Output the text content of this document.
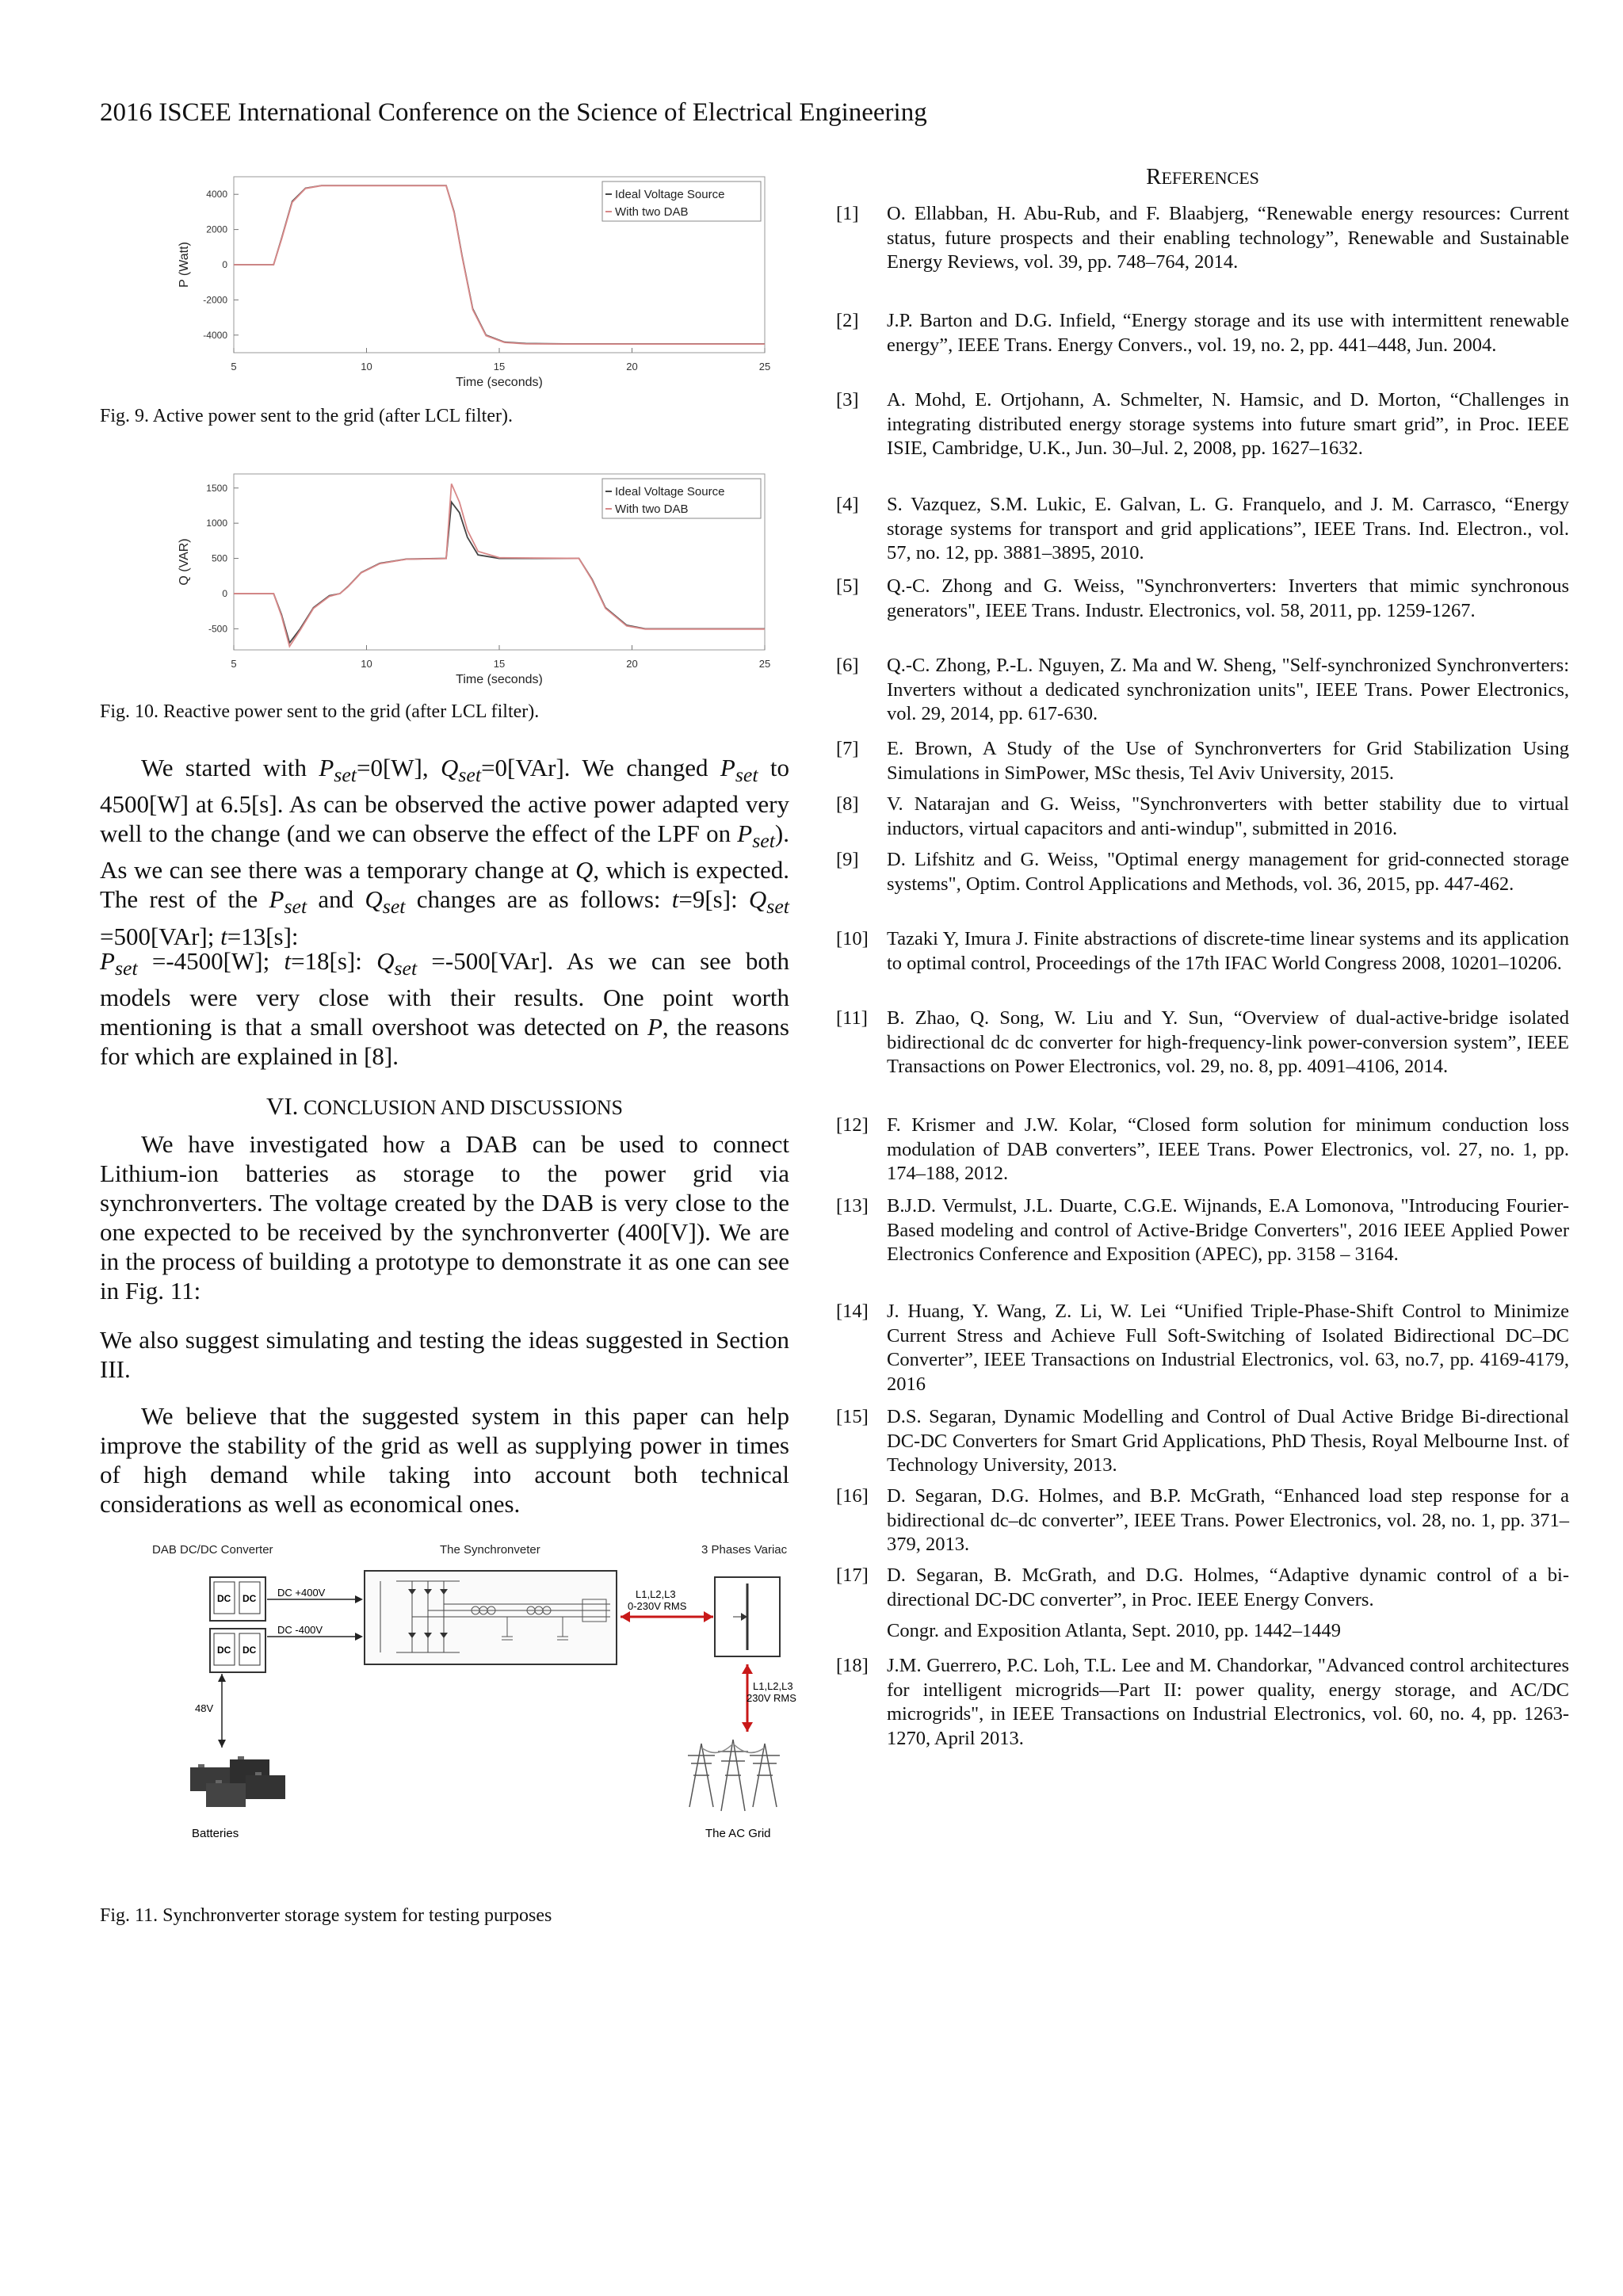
2016 ISCEE International Conference on the Science of Electrical Engineering
5	10	15	20	25
4000
2000
0
-2000
-4000
Time (seconds)
P (Watt)
Ideal Voltage Source
With two DAB
Fig. 9. Active power sent to the grid (after LCL filter).
5	10	15	20	25
1500
1000
500
0
-500
Time (seconds)
Q (VAR)
Ideal Voltage Source
With two DAB
Fig. 10. Reactive power sent to the grid (after LCL filter).
We started with $P_{set}=0[W]$, $Q_{set}=0[VAr]$. We changed $P_{set}$ to 4500[W] at 6.5[s]. As can be observed the active power adapted very well to the change (and we can observe the effect of the LPF on $P_{set}$). As we can see there was a temporary change at Q, which is expected. The rest of the $P_{set}$ and $Q_{set}$ changes are as follows: t=9[s]: $Q_{set} =500[VAr]$; t=13[s]:
$P_{set} =-4500[W]$; t=18[s]: $Q_{set} =-500[VAr]$. As we can see both models were very close with their results. One point worth mentioning is that a small overshoot was detected on P, the reasons for which are explained in [8].
VI. CONCLUSION AND DISCUSSIONS
We have investigated how a DAB can be used to connect Lithium-ion batteries as storage to the power grid via synchronverters. The voltage created by the DAB is very close to the one expected to be received by the synchronverter (400[V]). We are in the process of building a prototype to demonstrate it as one can see in Fig. 11:
We also suggest simulating and testing the ideas suggested in Section III.
We believe that the suggested system in this paper can help improve the stability of the grid as well as supplying power in times of high demand while taking into account both technical considerations as well as economical ones.
DAB DC/DC Converter	The Synchronveter	3 Phases Variac
DC DC
DC DC
DC +400V
DC -400V
L1,L2,L3
0-230V RMS
L1,L2,L3
230V RMS
48V
Batteries	The AC Grid
Fig. 11. Synchronverter storage system for testing purposes
REFERENCES
[1] O. Ellabban, H. Abu-Rub, and F. Blaabjerg, “Renewable energy resources: Current status, future prospects and their enabling technology”, Renewable and Sustainable Energy Reviews, vol. 39, pp. 748–764, 2014.
[2] J.P. Barton and D.G. Infield, “Energy storage and its use with intermittent renewable energy”, IEEE Trans. Energy Convers., vol. 19, no. 2, pp. 441–448, Jun. 2004.
[3] A. Mohd, E. Ortjohann, A. Schmelter, N. Hamsic, and D. Morton, “Challenges in integrating distributed energy storage systems into future smart grid”, in Proc. IEEE ISIE, Cambridge, U.K., Jun. 30–Jul. 2, 2008, pp. 1627–1632.
[4] S. Vazquez, S.M. Lukic, E. Galvan, L. G. Franquelo, and J. M. Carrasco, “Energy storage systems for transport and grid applications”, IEEE Trans. Ind. Electron., vol. 57, no. 12, pp. 3881–3895, 2010.
[5] Q.-C. Zhong and G. Weiss, "Synchronverters: Inverters that mimic synchronous generators", IEEE Trans. Industr. Electronics, vol. 58, 2011, pp. 1259-1267.
[6] Q.-C. Zhong, P.-L. Nguyen, Z. Ma and W. Sheng, "Self-synchronized Synchronverters: Inverters without a dedicated synchronization units", IEEE Trans. Power Electronics, vol. 29, 2014, pp. 617-630.
[7] E. Brown, A Study of the Use of Synchronverters for Grid Stabilization Using Simulations in SimPower, MSc thesis, Tel Aviv University, 2015.
[8] V. Natarajan and G. Weiss, "Synchronverters with better stability due to virtual inductors, virtual capacitors and anti-windup", submitted in 2016.
[9] D. Lifshitz and G. Weiss, "Optimal energy management for grid-connected storage systems", Optim. Control Applications and Methods, vol. 36, 2015, pp. 447-462.
[10] Tazaki Y, Imura J. Finite abstractions of discrete-time linear systems and its application to optimal control, Proceedings of the 17th IFAC World Congress 2008, 10201–10206.
[11] B. Zhao, Q. Song, W. Liu and Y. Sun, “Overview of dual-active-bridge isolated bidirectional dc dc converter for high-frequency-link power-conversion system”, IEEE Transactions on Power Electronics, vol. 29, no. 8, pp. 4091–4106, 2014.
[12] F. Krismer and J.W. Kolar, “Closed form solution for minimum conduction loss modulation of DAB converters”, IEEE Trans. Power Electronics, vol. 27, no. 1, pp. 174–188, 2012.
[13] B.J.D. Vermulst, J.L. Duarte, C.G.E. Wijnands, E.A Lomonova, "Introducing Fourier-Based modeling and control of Active-Bridge Converters", 2016 IEEE Applied Power Electronics Conference and Exposition (APEC), pp. 3158 – 3164.
[14] J. Huang, Y. Wang, Z. Li, W. Lei “Unified Triple-Phase-Shift Control to Minimize Current Stress and Achieve Full Soft-Switching of Isolated Bidirectional DC–DC Converter”, IEEE Transactions on Industrial Electronics, vol. 63, no.7, pp. 4169-4179, 2016
[15] D.S. Segaran, Dynamic Modelling and Control of Dual Active Bridge Bi-directional DC-DC Converters for Smart Grid Applications, PhD Thesis, Royal Melbourne Inst. of Technology University, 2013.
[16] D. Segaran, D.G. Holmes, and B.P. McGrath, “Enhanced load step response for a bidirectional dc–dc converter”, IEEE Trans. Power Electronics, vol. 28, no. 1, pp. 371–379, 2013.
[17] D. Segaran, B. McGrath, and D.G. Holmes, “Adaptive dynamic control of a bi-directional DC-DC converter”, in Proc. IEEE Energy Convers.
Congr. and Exposition Atlanta, Sept. 2010, pp. 1442–1449
[18] J.M. Guerrero, P.C. Loh, T.L. Lee and M. Chandorkar, "Advanced control architectures for intelligent microgrids—Part II: power quality, energy storage, and AC/DC microgrids", in IEEE Transactions on Industrial Electronics, vol. 60, no. 4, pp. 1263-1270, April 2013.
